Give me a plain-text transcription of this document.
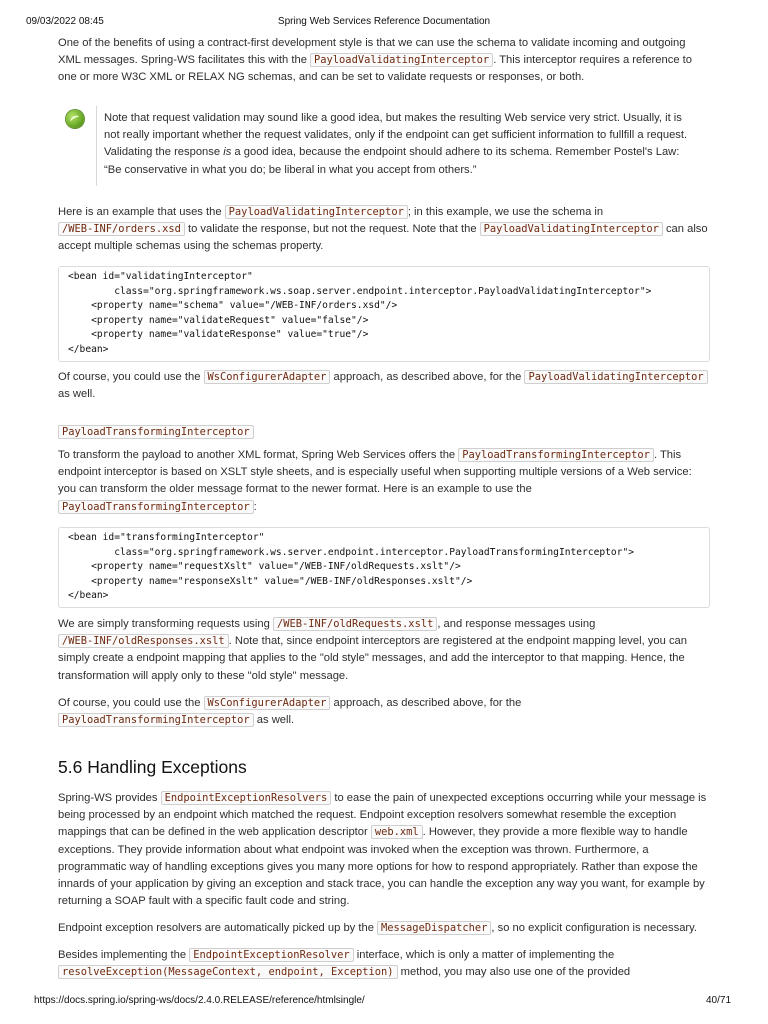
09/03/2022 08:45	Spring Web Services Reference Documentation

One of the benefits of using a contract-first development style is that we can use the schema to validate incoming and outgoing XML messages. Spring-WS facilitates this with the PayloadValidatingInterceptor . This interceptor requires a reference to one or more W3C XML or RELAX NG schemas, and can be set to validate requests or responses, or both.

Note that request validation may sound like a good idea, but makes the resulting Web service very strict. Usually, it is not really important whether the request validates, only if the endpoint can get sufficient information to fullfill a request. Validating the response is a good idea, because the endpoint should adhere to its schema. Remember Postel's Law: “Be conservative in what you do; be liberal in what you accept from others.”

Here is an example that uses the PayloadValidatingInterceptor ; in this example, we use the schema in /WEB-INF/orders.xsd to validate the response, but not the request. Note that the PayloadValidatingInterceptor can also accept multiple schemas using the schemas property.

<bean id="validatingInterceptor"
class="org.springframework.ws.soap.server.endpoint.interceptor.PayloadValidatingInterceptor">
<property name="schema" value="/WEB-INF/orders.xsd"/>
<property name="validateRequest" value="false"/>
<property name="validateResponse" value="true"/>
</bean>

Of course, you could use the WsConfigurerAdapter approach, as described above, for the PayloadValidatingInterceptor as well.

PayloadTransformingInterceptor

To transform the payload to another XML format, Spring Web Services offers the PayloadTransformingInterceptor . This endpoint interceptor is based on XSLT style sheets, and is especially useful when supporting multiple versions of a Web service: you can transform the older message format to the newer format. Here is an example to use the PayloadTransformingInterceptor :

<bean id="transformingInterceptor"
class="org.springframework.ws.server.endpoint.interceptor.PayloadTransformingInterceptor">
<property name="requestXslt" value="/WEB-INF/oldRequests.xslt"/>
<property name="responseXslt" value="/WEB-INF/oldResponses.xslt"/>
</bean>

We are simply transforming requests using /WEB-INF/oldRequests.xslt , and response messages using /WEB-INF/oldResponses.xslt . Note that, since endpoint interceptors are registered at the endpoint mapping level, you can simply create a endpoint mapping that applies to the "old style" messages, and add the interceptor to that mapping. Hence, the transformation will apply only to these "old style" message.

Of course, you could use the WsConfigurerAdapter approach, as described above, for the PayloadTransformingInterceptor as well.

5.6 Handling Exceptions

Spring-WS provides EndpointExceptionResolvers to ease the pain of unexpected exceptions occurring while your message is being processed by an endpoint which matched the request. Endpoint exception resolvers somewhat resemble the exception mappings that can be defined in the web application descriptor web.xml . However, they provide a more flexible way to handle exceptions. They provide information about what endpoint was invoked when the exception was thrown. Furthermore, a programmatic way of handling exceptions gives you many more options for how to respond appropriately. Rather than expose the innards of your application by giving an exception and stack trace, you can handle the exception any way you want, for example by returning a SOAP fault with a specific fault code and string.

Endpoint exception resolvers are automatically picked up by the MessageDispatcher , so no explicit configuration is necessary.

Besides implementing the EndpointExceptionResolver interface, which is only a matter of implementing the resolveException(MessageContext, endpoint, Exception) method, you may also use one of the provided

https://docs.spring.io/spring-ws/docs/2.4.0.RELEASE/reference/htmlsingle/	40/71
